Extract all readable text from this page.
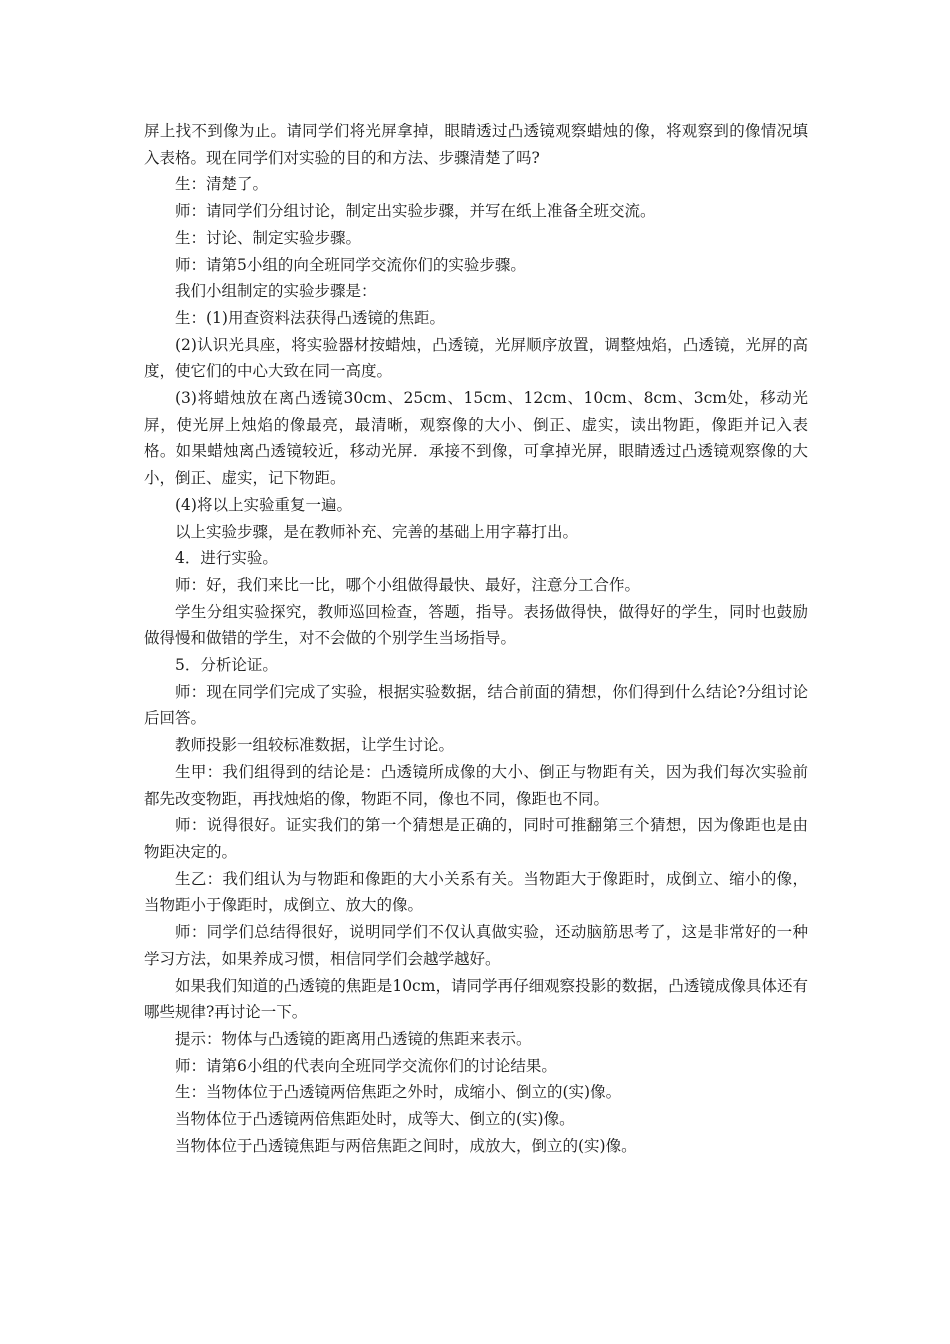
屏上找不到像为止。请同学们将光屏拿掉，眼睛透过凸透镜观察蜡烛的像，将观察到的像情况填入表格。现在同学们对实验的目的和方法、步骤清楚了吗?

生：清楚了。

师：请同学们分组讨论，制定出实验步骤，并写在纸上准备全班交流。

生：讨论、制定实验步骤。

师：请第5小组的向全班同学交流你们的实验步骤。

我们小组制定的实验步骤是：

生：(1)用查资料法获得凸透镜的焦距。

(2)认识光具座，将实验器材按蜡烛，凸透镜，光屏顺序放置，调整烛焰，凸透镜，光屏的高度，使它们的中心大致在同一高度。

(3)将蜡烛放在离凸透镜30cm、25cm、15cm、12cm、10cm、8cm、3cm处，移动光屏，使光屏上烛焰的像最亮，最清晰，观察像的大小、倒正、虚实，读出物距，像距并记入表格。如果蜡烛离凸透镜较近，移动光屏．承接不到像，可拿掉光屏，眼睛透过凸透镜观察像的大小，倒正、虚实，记下物距。

(4)将以上实验重复一遍。

以上实验步骤，是在教师补充、完善的基础上用字幕打出。

4．进行实验。

师：好，我们来比一比，哪个小组做得最快、最好，注意分工合作。

学生分组实验探究，教师巡回检查，答题，指导。表扬做得快，做得好的学生，同时也鼓励做得慢和做错的学生，对不会做的个别学生当场指导。

5．分析论证。

师：现在同学们完成了实验，根据实验数据，结合前面的猜想，你们得到什么结论?分组讨论后回答。

教师投影一组较标准数据，让学生讨论。

生甲：我们组得到的结论是：凸透镜所成像的大小、倒正与物距有关，因为我们每次实验前都先改变物距，再找烛焰的像，物距不同，像也不同，像距也不同。

师：说得很好。证实我们的第一个猜想是正确的，同时可推翻第三个猜想，因为像距也是由物距决定的。

生乙：我们组认为与物距和像距的大小关系有关。当物距大于像距时，成倒立、缩小的像，当物距小于像距时，成倒立、放大的像。

师：同学们总结得很好，说明同学们不仅认真做实验，还动脑筋思考了，这是非常好的一种学习方法，如果养成习惯，相信同学们会越学越好。

如果我们知道的凸透镜的焦距是10cm，请同学再仔细观察投影的数据，凸透镜成像具体还有哪些规律?再讨论一下。

提示：物体与凸透镜的距离用凸透镜的焦距来表示。

师：请第6小组的代表向全班同学交流你们的讨论结果。

生：当物体位于凸透镜两倍焦距之外时，成缩小、倒立的(实)像。

当物体位于凸透镜两倍焦距处时，成等大、倒立的(实)像。

当物体位于凸透镜焦距与两倍焦距之间时，成放大，倒立的(实)像。
